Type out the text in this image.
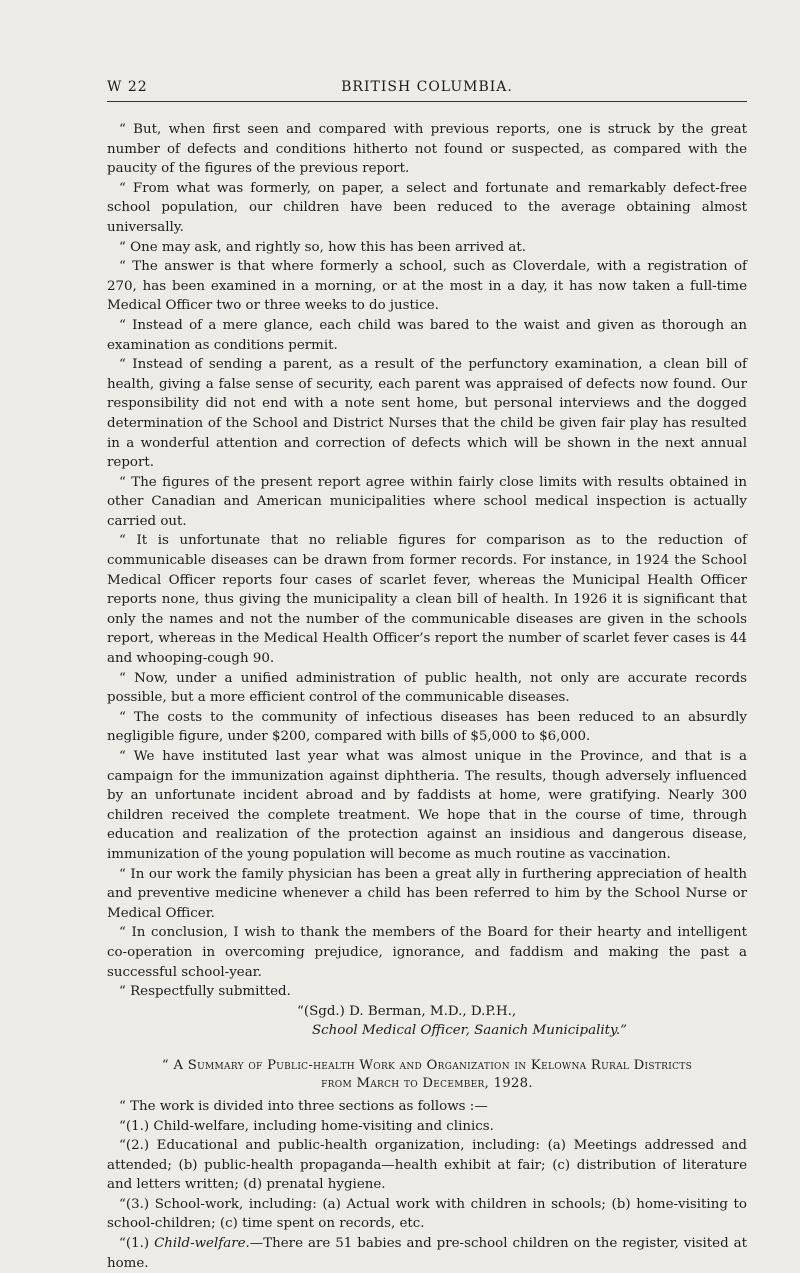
W 22	BRITISH COLUMBIA.

“ But, when first seen and compared with previous reports, one is struck by the great number of defects and conditions hitherto not found or suspected, as compared with the paucity of the figures of the previous report.

“ From what was formerly, on paper, a select and fortunate and remarkably defect-free school population, our children have been reduced to the average obtaining almost universally.

“ One may ask, and rightly so, how this has been arrived at.

“ The answer is that where formerly a school, such as Cloverdale, with a registration of 270, has been examined in a morning, or at the most in a day, it has now taken a full-time Medical Officer two or three weeks to do justice.

“ Instead of a mere glance, each child was bared to the waist and given as thorough an examination as conditions permit.

“ Instead of sending a parent, as a result of the perfunctory examination, a clean bill of health, giving a false sense of security, each parent was appraised of defects now found. Our responsibility did not end with a note sent home, but personal interviews and the dogged determination of the School and District Nurses that the child be given fair play has resulted in a wonderful attention and correction of defects which will be shown in the next annual report.

“ The figures of the present report agree within fairly close limits with results obtained in other Canadian and American municipalities where school medical inspection is actually carried out.

“ It is unfortunate that no reliable figures for comparison as to the reduction of communicable diseases can be drawn from former records. For instance, in 1924 the School Medical Officer reports four cases of scarlet fever, whereas the Municipal Health Officer reports none, thus giving the municipality a clean bill of health. In 1926 it is significant that only the names and not the number of the communicable diseases are given in the schools report, whereas in the Medical Health Officer’s report the number of scarlet fever cases is 44 and whooping-cough 90.

“ Now, under a unified administration of public health, not only are accurate records possible, but a more efficient control of the communicable diseases.

“ The costs to the community of infectious diseases has been reduced to an absurdly negligible figure, under $200, compared with bills of $5,000 to $6,000.

“ We have instituted last year what was almost unique in the Province, and that is a campaign for the immunization against diphtheria. The results, though adversely influenced by an unfortunate incident abroad and by faddists at home, were gratifying. Nearly 300 children received the complete treatment. We hope that in the course of time, through education and realization of the protection against an insidious and dangerous disease, immunization of the young population will become as much routine as vaccination.

“ In our work the family physician has been a great ally in furthering appreciation of health and preventive medicine whenever a child has been referred to him by the School Nurse or Medical Officer.

“ In conclusion, I wish to thank the members of the Board for their hearty and intelligent co-operation in overcoming prejudice, ignorance, and faddism and making the past a successful school-year.

“ Respectfully submitted.

“(Sgd.) D. Berman, M.D., D.P.H.,

School Medical Officer, Saanich Municipality.”

“ A Summary of Public-health Work and Organization in Kelowna Rural Districts
from March to December, 1928.

“ The work is divided into three sections as follows :—

“(1.) Child-welfare, including home-visiting and clinics.

“(2.) Educational and public-health organization, including: (a) Meetings addressed and attended; (b) public-health propaganda—health exhibit at fair; (c) distribution of literature and letters written; (d) prenatal hygiene.

“(3.) School-work, including: (a) Actual work with children in schools; (b) home-visiting to school-children; (c) time spent on records, etc.

“(1.) Child-welfare.—There are 51 babies and pre-school children on the register, visited at home.
